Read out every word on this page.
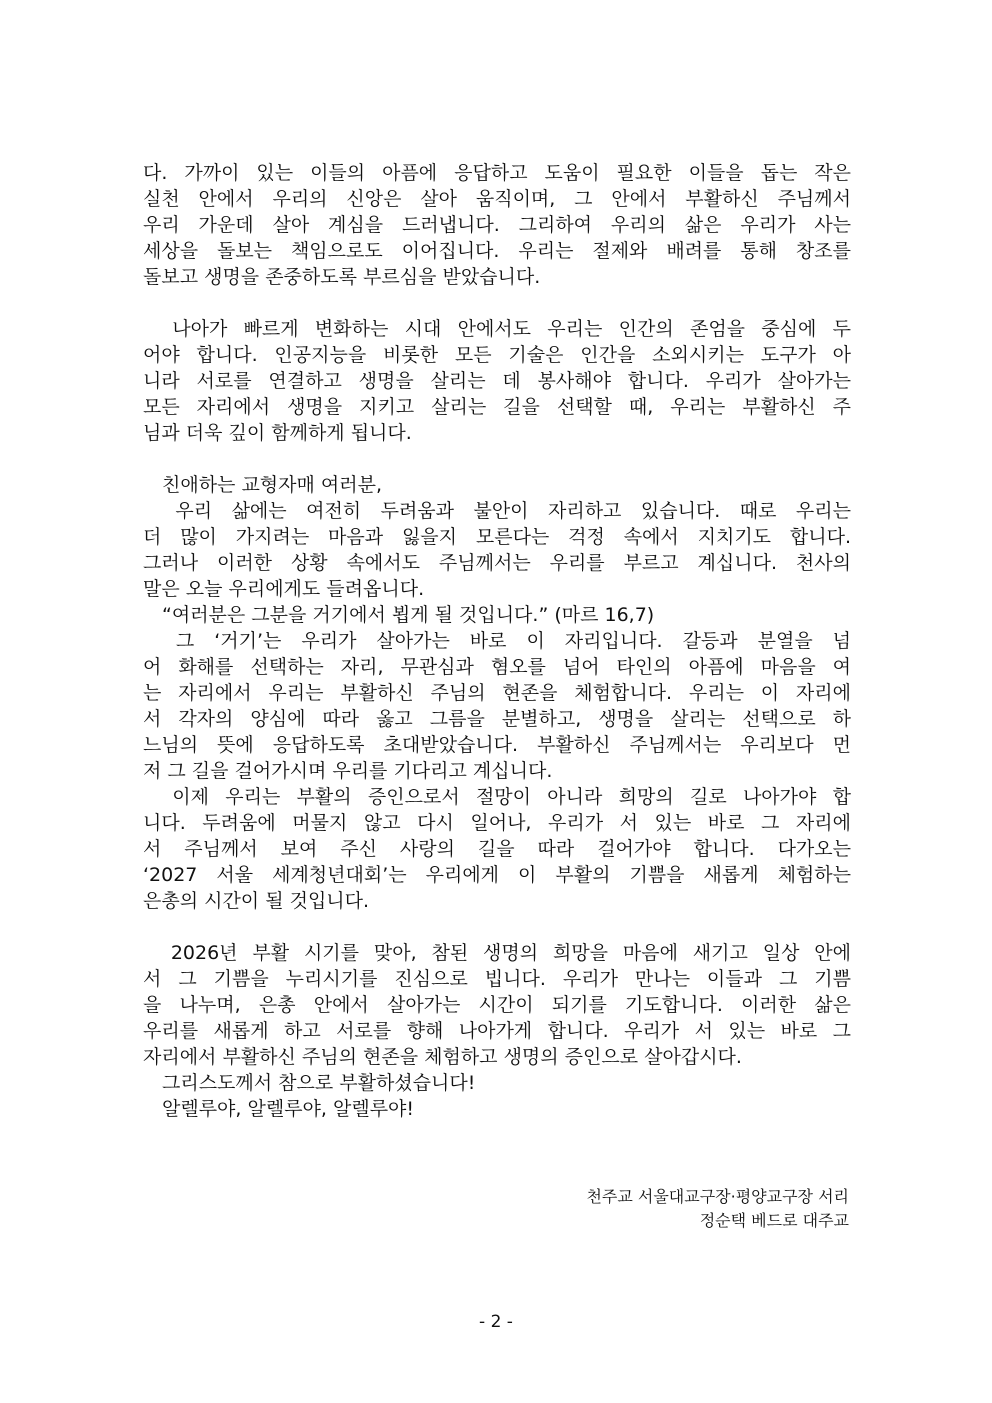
다. 가까이 있는 이들의 아픔에 응답하고 도움이 필요한 이들을 돕는 작은
실천 안에서 우리의 신앙은 살아 움직이며, 그 안에서 부활하신 주님께서
우리 가운데 살아 계심을 드러냅니다. 그리하여 우리의 삶은 우리가 사는
세상을 돌보는 책임으로도 이어집니다. 우리는 절제와 배려를 통해 창조를
돌보고 생명을 존중하도록 부르심을 받았습니다.
　나아가 빠르게 변화하는 시대 안에서도 우리는 인간의 존엄을 중심에 두
어야 합니다. 인공지능을 비롯한 모든 기술은 인간을 소외시키는 도구가 아
니라 서로를 연결하고 생명을 살리는 데 봉사해야 합니다. 우리가 살아가는
모든 자리에서 생명을 지키고 살리는 길을 선택할 때, 우리는 부활하신 주
님과 더욱 깊이 함께하게 됩니다.
　친애하는 교형자매 여러분,
　우리 삶에는 여전히 두려움과 불안이 자리하고 있습니다. 때로 우리는
더 많이 가지려는 마음과 잃을지 모른다는 걱정 속에서 지치기도 합니다.
그러나 이러한 상황 속에서도 주님께서는 우리를 부르고 계십니다. 천사의
말은 오늘 우리에게도 들려옵니다.
　“여러분은 그분을 거기에서 뵙게 될 것입니다.” (마르 16,7)
　그 ‘거기’는 우리가 살아가는 바로 이 자리입니다. 갈등과 분열을 넘
어 화해를 선택하는 자리, 무관심과 혐오를 넘어 타인의 아픔에 마음을 여
는 자리에서 우리는 부활하신 주님의 현존을 체험합니다. 우리는 이 자리에
서 각자의 양심에 따라 옳고 그름을 분별하고, 생명을 살리는 선택으로 하
느님의 뜻에 응답하도록 초대받았습니다. 부활하신 주님께서는 우리보다 먼
저 그 길을 걸어가시며 우리를 기다리고 계십니다.
　이제 우리는 부활의 증인으로서 절망이 아니라 희망의 길로 나아가야 합
니다. 두려움에 머물지 않고 다시 일어나, 우리가 서 있는 바로 그 자리에
서 주님께서 보여 주신 사랑의 길을 따라 걸어가야 합니다. 다가오는
‘2027 서울 세계청년대회’는 우리에게 이 부활의 기쁨을 새롭게 체험하는
은총의 시간이 될 것입니다.
　2026년 부활 시기를 맞아, 참된 생명의 희망을 마음에 새기고 일상 안에
서 그 기쁨을 누리시기를 진심으로 빕니다. 우리가 만나는 이들과 그 기쁨
을 나누며, 은총 안에서 살아가는 시간이 되기를 기도합니다. 이러한 삶은
우리를 새롭게 하고 서로를 향해 나아가게 합니다. 우리가 서 있는 바로 그
자리에서 부활하신 주님의 현존을 체험하고 생명의 증인으로 살아갑시다.
　그리스도께서 참으로 부활하셨습니다!
　알렐루야, 알렐루야, 알렐루야!
천주교 서울대교구장·평양교구장 서리
정순택 베드로 대주교
- 2 -
